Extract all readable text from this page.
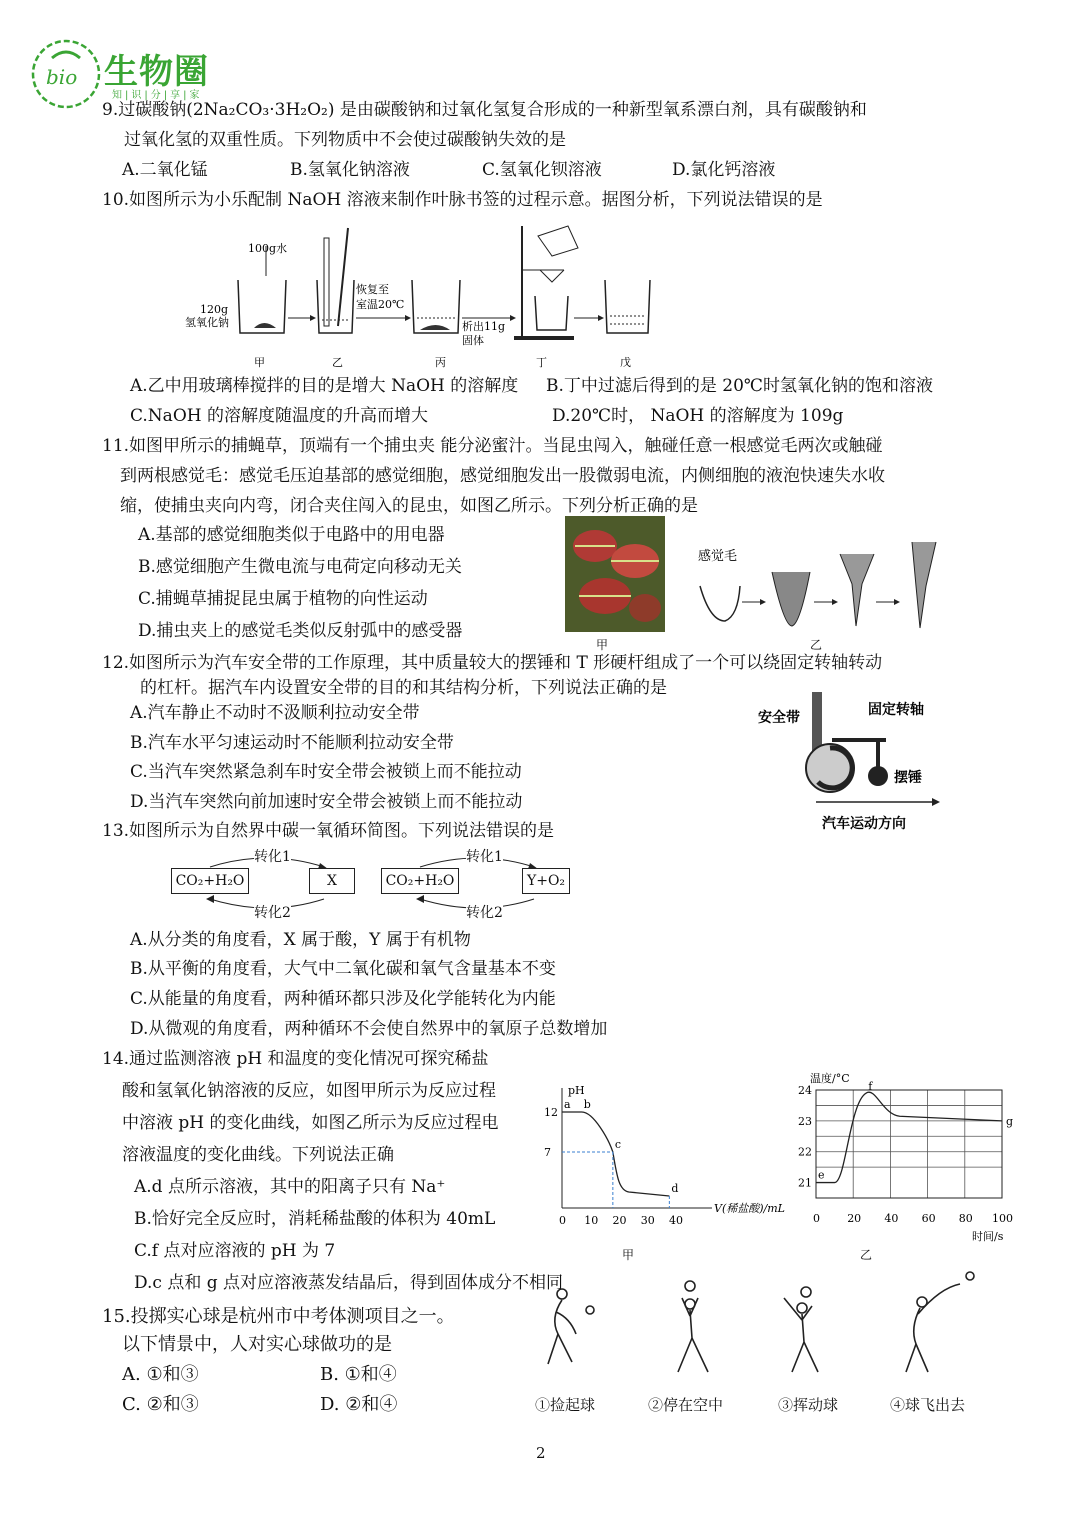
bio 生物圈
知|识|分|享|家
9.过碳酸钠(2Na₂CO₃·3H₂O₂) 是由碳酸钠和过氧化氢复合形成的一种新型氧系漂白剂，具有碳酸钠和
过氧化氢的双重性质。下列物质中不会使过碳酸钠失效的是
A.二氧化锰	B.氢氧化钠溶液	C.氢氧化钡溶液	D.氯化钙溶液
10.如图所示为小乐配制 NaOH 溶液来制作叶脉书签的过程示意。据图分析，下列说法错误的是
100g水
120g
氢氧化钠
恢复至
室温20℃
析出11g
固体
甲	乙	丙	丁	戊
A.乙中用玻璃棒搅拌的目的是增大 NaOH 的溶解度 B.丁中过滤后得到的是 20℃时氢氧化钠的饱和溶液
C.NaOH 的溶解度随温度的升高而增大	D.20℃时， NaOH 的溶解度为 109g
11.如图甲所示的捕蝇草，顶端有一个捕虫夹 能分泌蜜汁。当昆虫闯入，触碰任意一根感觉毛两次或触碰
到两根感觉毛：感觉毛压迫基部的感觉细胞，感觉细胞发出一股微弱电流，内侧细胞的液泡快速失水收
缩，使捕虫夹向内弯，闭合夹住闯入的昆虫，如图乙所示。下列分析正确的是
A.基部的感觉细胞类似于电路中的用电器
B.感觉细胞产生微电流与电荷定向移动无关
C.捕蝇草捕捉昆虫属于植物的向性运动
D.捕虫夹上的感觉毛类似反射弧中的感受器
甲
感觉毛
乙
12.如图所示为汽车安全带的工作原理，其中质量较大的摆锤和 T 形硬杆组成了一个可以绕固定转轴转动
的杠杆。据汽车内设置安全带的目的和其结构分析，下列说法正确的是
A.汽车静止不动时不汲顺利拉动安全带
B.汽车水平匀速运动时不能顺利拉动安全带
C.当汽车突然紧急刹车时安全带会被锁上而不能拉动
D.当汽车突然向前加速时安全带会被锁上而不能拉动
安全带	固定转轴
摆锤
汽车运动方向
13.如图所示为自然界中碳一氧循环简图。下列说法错误的是
转化1
转化2
转化1
转化2
CO₂+H₂O	X	CO₂+H₂O	Y+O₂
A.从分类的角度看，X 属于酸，Y 属于有机物
B.从平衡的角度看，大气中二氧化碳和氧气含量基本不变
C.从能量的角度看，两种循环都只涉及化学能转化为内能
D.从微观的角度看，两种循环不会使自然界中的氧原子总数增加
14.通过监测溶液 pH 和温度的变化情况可探究稀盐
酸和氢氧化钠溶液的反应，如图甲所示为反应过程
中溶液 pH 的变化曲线，如图乙所示为反应过程电
溶液温度的变化曲线。下列说法正确
A.d 点所示溶液，其中的阳离子只有 Na⁺
B.恰好完全反应时，消耗稀盐酸的体积为 40mL
C.f 点对应溶液的 pH 为 7
D.c 点和 g 点对应溶液蒸发结晶后，得到固体成分不相同
pH
V(稀盐酸)/mL
0 10 20 30 40
7
12
a b
c
d
甲
温度/°C
时间/s
0 20 40 60 80 100
21
22
23
24
e
f
g
乙
15.投掷实心球是杭州市中考体测项目之一。
以下情景中，人对实心球做功的是
A. ①和③	B. ①和④
C. ②和③	D. ②和④	①捡起球	②停在空中	③挥动球	④球飞出去
2
